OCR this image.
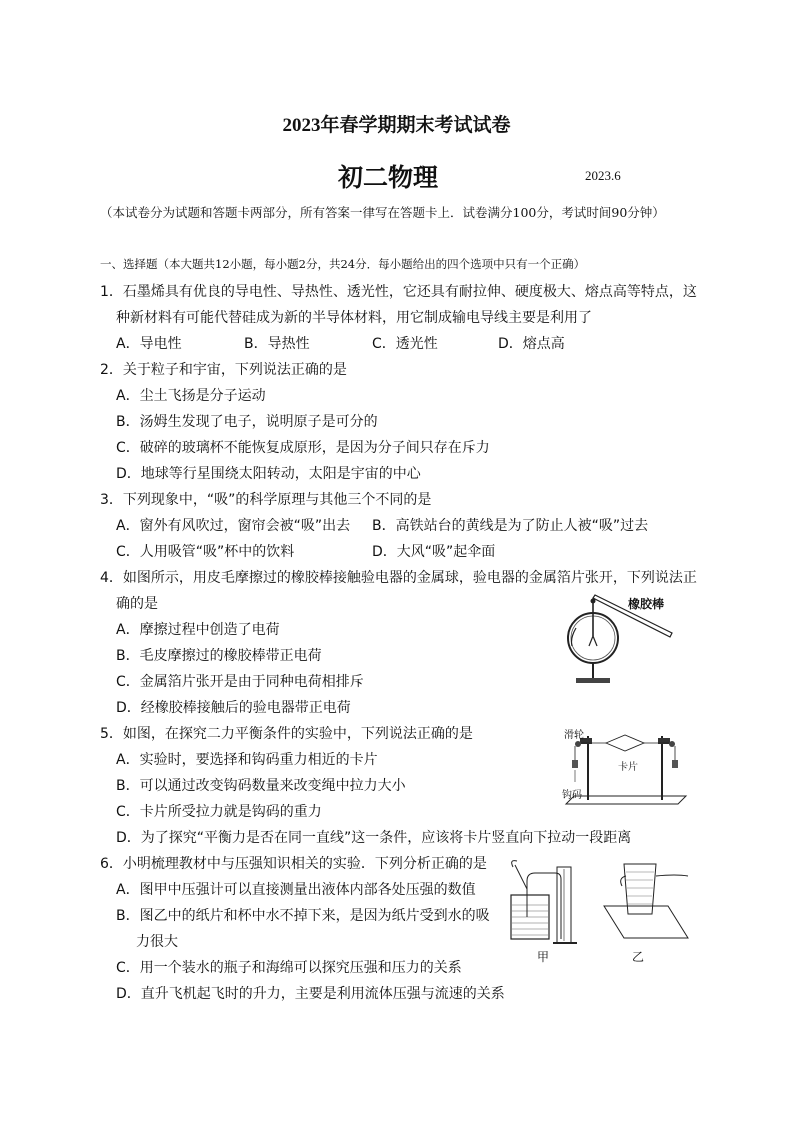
2023年春学期期末考试试卷
初二物理	2023.6
（本试卷分为试题和答题卡两部分，所有答案一律写在答题卡上．试卷满分100分，考试时间90分钟）
一、选择题（本大题共12小题，每小题2分，共24分．每小题给出的四个选项中只有一个正确）
1．石墨烯具有优良的导电性、导热性、透光性，它还具有耐拉伸、硬度极大、熔点高等特点，这
种新材料有可能代替硅成为新的半导体材料，用它制成输电导线主要是利用了
A．导电性	B．导热性	C．透光性	D．熔点高
2．关于粒子和宇宙，下列说法正确的是
A．尘土飞扬是分子运动
B．汤姆生发现了电子，说明原子是可分的
C．破碎的玻璃杯不能恢复成原形，是因为分子间只存在斥力
D．地球等行星围绕太阳转动，太阳是宇宙的中心
3．下列现象中，“吸”的科学原理与其他三个不同的是
A．窗外有风吹过，窗帘会被“吸”出去 B．高铁站台的黄线是为了防止人被“吸”过去
C．人用吸管“吸”杯中的饮料	D．大风“吸”起伞面
4．如图所示，用皮毛摩擦过的橡胶棒接触验电器的金属球，验电器的金属箔片张开，下列说法正
确的是
A．摩擦过程中创造了电荷
B．毛皮摩擦过的橡胶棒带正电荷
C．金属箔片张开是由于同种电荷相排斥
D．经橡胶棒接触后的验电器带正电荷
橡胶棒
5．如图，在探究二力平衡条件的实验中，下列说法正确的是
A．实验时，要选择和钩码重力相近的卡片
B．可以通过改变钩码数量来改变绳中拉力大小
C．卡片所受拉力就是钩码的重力
D．为了探究“平衡力是否在同一直线”这一条件，应该将卡片竖直向下拉动一段距离
滑轮
卡片
钩码
6．小明梳理教材中与压强知识相关的实验．下列分析正确的是
A．图甲中压强计可以直接测量出液体内部各处压强的数值
B．图乙中的纸片和杯中水不掉下来，是因为纸片受到水的吸
力很大
C．用一个装水的瓶子和海绵可以探究压强和压力的关系
D．直升飞机起飞时的升力，主要是利用流体压强与流速的关系
甲	乙
